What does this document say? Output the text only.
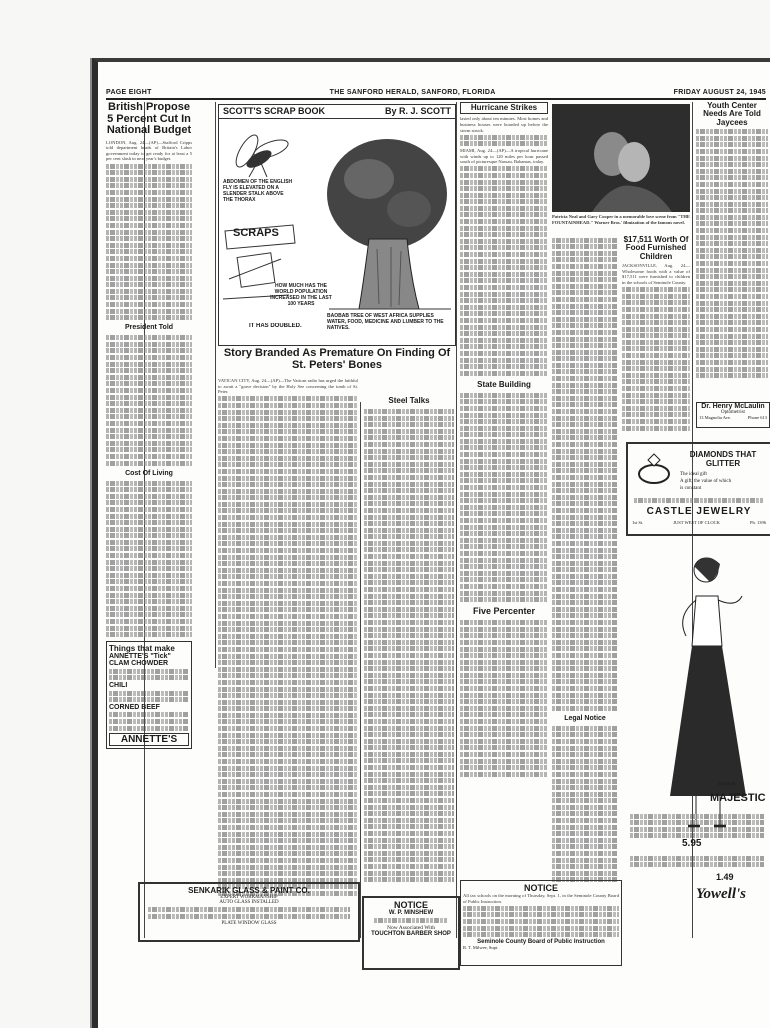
PAGE EIGHT	THE SANFORD HERALD, SANFORD, FLORIDA	FRIDAY AUGUST 24, 1945
British Propose 5 Percent Cut In National Budget
LONDON, Aug. 24—(AP)—Stafford Cripps told department heads of Britain's Labor government today to get ready for at least a 5 per cent slash in next year's budget.
President Told
Cost Of Living
Things that make
ANNETTE'S "Tick"
CLAM CHOWDER
CHILI
CORNED BEEF
ANNETTE'S
SCOTT'S SCRAP BOOK	By R. J. SCOTT
ABDOMEN OF THE ENGLISH FLY IS ELEVATED ON A SLENDER STALK ABOVE THE THORAX
SCRAPS
HOW MUCH HAS THE WORLD POPULATION INCREASED IN THE LAST 100 YEARS
IT HAS DOUBLED.
BAOBAB TREE OF WEST AFRICA SUPPLIES WATER, FOOD, MEDICINE AND LUMBER TO THE NATIVES.
Story Branded As Premature On Finding Of St. Peters' Bones
VATICAN CITY, Aug. 24—(AP)—The Vatican radio has urged the faithful to await a "grave decision" by the Holy See concerning the tomb of St. Peter.
Steel Talks
Hurricane Strikes
lasted only about ten minutes. Most homes and business houses were boarded up before the storm struck.
MIAMI, Aug. 24—(AP)—A tropical hurricane with winds up to 120 miles per hour passed south of picturesque Nassau, Bahamas, today.
State Building
Five Percenter
Patricia Neal and Gary Cooper in a memorable love scene from "THE FOUNTAINHEAD." Warner Bros.' filmization of the famous novel.
Legal Notice
$17,511 Worth Of Food Furnished Children
JACKSONVILLE, Aug. 24—Wholesome foods with a value of $17,511 were furnished to children in the schools of Seminole County.
Youth Center Needs Are Told Jaycees
Dr. Henry McLaulin
Optometrist
13 Magnolia Ave.	Phone 613
DIAMONDS THAT GLITTER
The ideal gift
A gift, the value of which
is constant
CASTLE JEWELRY
1st St.	JUST WEST OF CLOCK	Ph. 1396
Styled by
MAJESTIC
5.95
1.49
Yowell's
SENKARIK GLASS & PAINT CO.
EXPERT WORKMANSHIP
AUTO GLASS INSTALLED
PLATE WINDOW GLASS
NOTICE
W. P. MINSHEW
Now Associated With
TOUCHTON BARBER SHOP
NOTICE
All tax schools on the morning of Thursday, Sept. 1, in the Seminole County Board of Public Instruction.
Seminole County Board of Public Instruction
R. T. Milwee, Supt.
